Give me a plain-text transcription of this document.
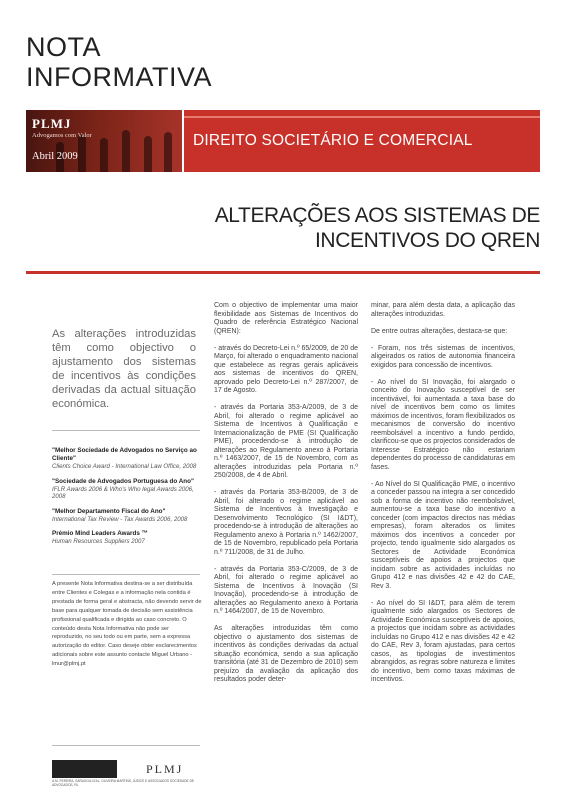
NOTA
INFORMATIVA
PLMJ
Advogamos com Valor
Abril 2009
DIREITO SOCIETÁRIO E COMERCIAL
ALTERAÇÕES AOS SISTEMAS DE
INCENTIVOS DO QREN
As alterações introduzidas têm como objectivo o ajustamento dos sistemas de incentivos às condições derivadas da actual situação económica.
"Melhor Sociedade de Advogados no Serviço ao Cliente"
Clients Choice Award - International Law Office, 2008
"Sociedade de Advogados Portuguesa do Ano"
IFLR Awards 2006 & Who's Who legal Awards 2006, 2008
"Melhor Departamento Fiscal do Ano"
International Tax Review - Tax Awards 2006, 2008
Prémio Mind Leaders Awards ™
Human Resources Suppliers 2007
A presente Nota Informativa destina-se a ser distribuída entre Clientes e Colegas e a informação nela contida é prestada de forma geral e abstracta, não devendo servir de base para qualquer tomada de decisão sem assistência profissional qualificada e dirigida ao caso concreto. O conteúdo desta Nota Informativa não pode ser reproduzido, no seu todo ou em parte, sem a expressa autorização do editor. Caso deseje obter esclarecimentos adicionais sobre este assunto contacte Miguel Urbano - lmur@plmj.pt

Com o objectivo de implementar uma maior flexibilidade aos Sistemas de Incentivos do Quadro de referência Estratégico Nacional (QREN):

- através do Decreto-Lei n.º 65/2009, de 20 de Março, foi alterado o enquadramento nacional que estabelece as regras gerais aplicáveis aos sistemas de incentivos do QREN, aprovado pelo Decreto-Lei n.º 287/2007, de 17 de Agosto.

- através da Portaria 353-A/2009, de 3 de Abril, foi alterado o regime aplicável ao Sistema de Incentivos à Qualificação e Internacionalização de PME (SI Qualificação PME), procedendo-se à introdução de alterações ao Regulamento anexo à Portaria n.º 1463/2007, de 15 de Novembro, com as alterações introduzidas pela Portaria n.º 250/2008, de 4 de Abril.

- através da Portaria 353-B/2009, de 3 de Abril, foi alterado o regime aplicável ao Sistema de Incentivos à Investigação e Desenvolvimento Tecnológico (SI I&DT), procedendo-se à introdução de alterações ao Regulamento anexo à Portaria n.º 1462/2007, de 15 de Novembro, republicado pela Portaria n.º 711/2008, de 31 de Julho.

- através da Portaria 353-C/2009, de 3 de Abril, foi alterado o regime aplicável ao Sistema de Incentivos à Inovação (SI Inovação), procedendo-se à introdução de alterações ao Regulamento anexo à Portaria n.º 1464/2007, de 15 de Novembro.

As alterações introduzidas têm como objectivo o ajustamento dos sistemas de incentivos às condições derivadas da actual situação económica, sendo a sua aplicação transitória (até 31 de Dezembro de 2010) sem prejuízo da avaliação da aplicação dos resultados poder deter-

minar, para além desta data, a aplicação das alterações introduzidas.

De entre outras alterações, destaca-se que:

- Foram, nos três sistemas de incentivos, aligeirados os ratios de autonomia financeira exigidos para concessão de incentivos.

- Ao nível do SI Inovação, foi alargado o conceito do Inovação susceptível de ser incentivável, foi aumentada a taxa base do nível de incentivos bem como os limites máximos de incentivos, foram flexibilizados os mecanismos de conversão do incentivo reembolsável a incentivo a fundo perdido, clarificou-se que os projectos considerados de Interesse Estratégico não estariam dependentes do processo de candidaturas em fases.

- Ao Nível do SI Qualificação PME, o incentivo a conceder passou na integra a ser concedido sob a forma de incentivo não reembolsável, aumentou-se a taxa base do incentivo a conceder (com impactos directos nas médias empresas), foram alterados os limites máximos dos incentivos a conceder por projecto, tendo igualmente sido alargados os Sectores de Actividade Económica susceptíveis de apoios a projectos que incidam sobre as actividades incluídas no Grupo 412 e nas divisões 42 e 42 do CAE, Rev 3.

- Ao nível do SI I&DT, para além de terem igualmente sido alargados os Sectores de Actividade Económica susceptíveis de apoios, a projectos que incidam sobre as actividades incluídas no Grupo 412 e nas divisões 42 e 42 do CAE, Rev 3, foram ajustadas, para certos casos, as tipologias de investimentos abrangidos, as regras sobre natureza e limites do incentivo, bem como taxas máximas de incentivos.

PLMJ
A.M. PEREIRA, SÁRAGGA LEAL, OLIVEIRA MARTINS, JÚDICE E ASSOCIADOS SOCIEDADE DE ADVOGADOS, RL
